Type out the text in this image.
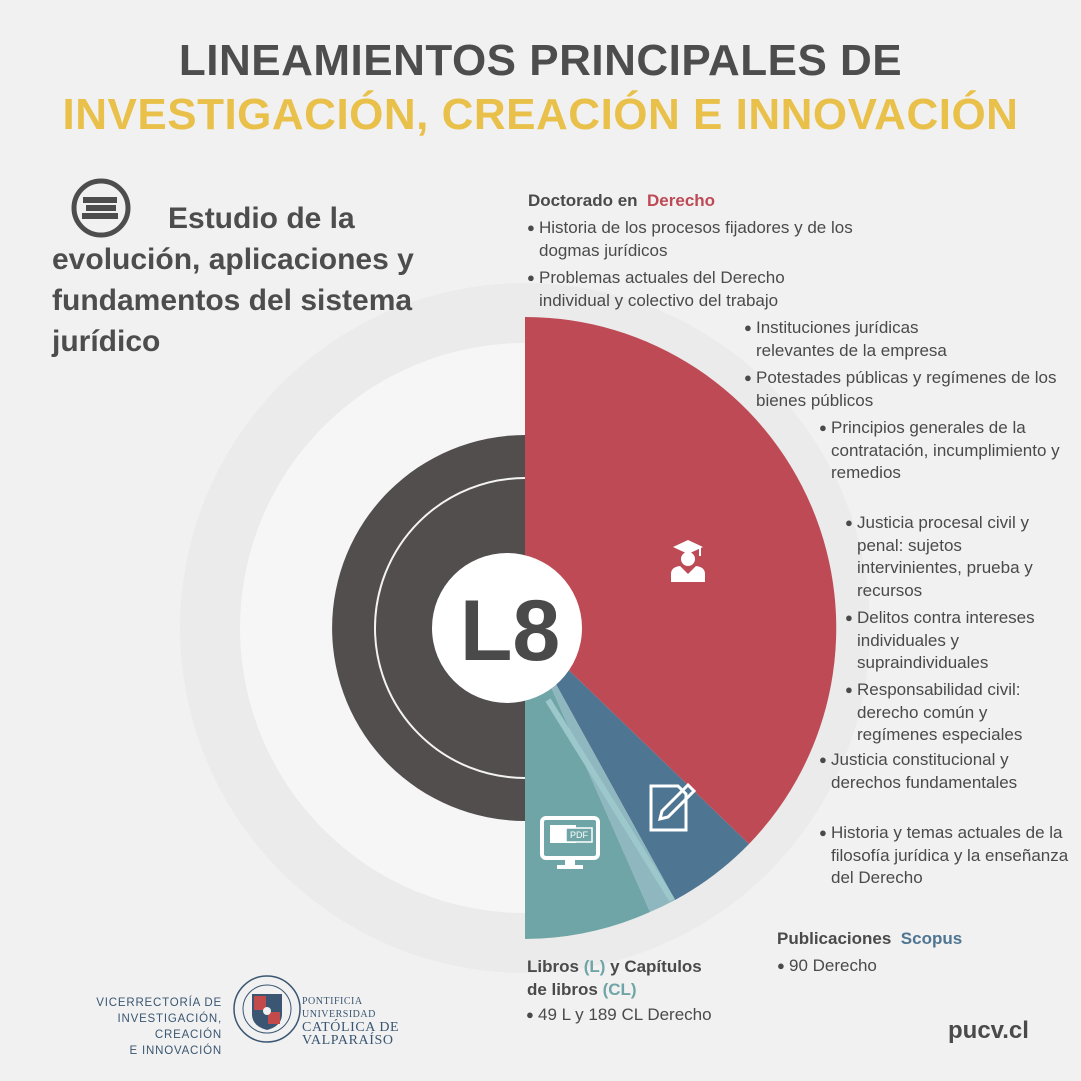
LINEAMIENTOS PRINCIPALES DE
INVESTIGACIÓN, CREACIÓN E INNOVACIÓN
L8
PDF
Estudio de la evolución, aplicaciones y fundamentos del sistema jurídico
Doctorado en Derecho
● Historia de los procesos fijadores y de los dogmas jurídicos
● Problemas actuales del Derecho individual y colectivo del trabajo
● Instituciones jurídicas relevantes de la empresa
● Potestades públicas y regímenes de los bienes públicos
● Principios generales de la contratación, incumplimiento y remedios
● Justicia procesal civil y penal: sujetos intervinientes, prueba y recursos
● Delitos contra intereses individuales y supraindividuales
● Responsabilidad civil: derecho común y regímenes especiales
● Justicia constitucional y derechos fundamentales
● Historia y temas actuales de la filosofía jurídica y la enseñanza del Derecho
Publicaciones Scopus
● 90 Derecho
Libros (L) y Capítulos
de libros (CL)
● 49 L y 189 CL Derecho
VICERRECTORÍA DE
INVESTIGACIÓN, CREACIÓN
E INNOVACIÓN
PONTIFICIA
UNIVERSIDAD
CATÓLICA DE
VALPARAÍSO	pucv.cl
